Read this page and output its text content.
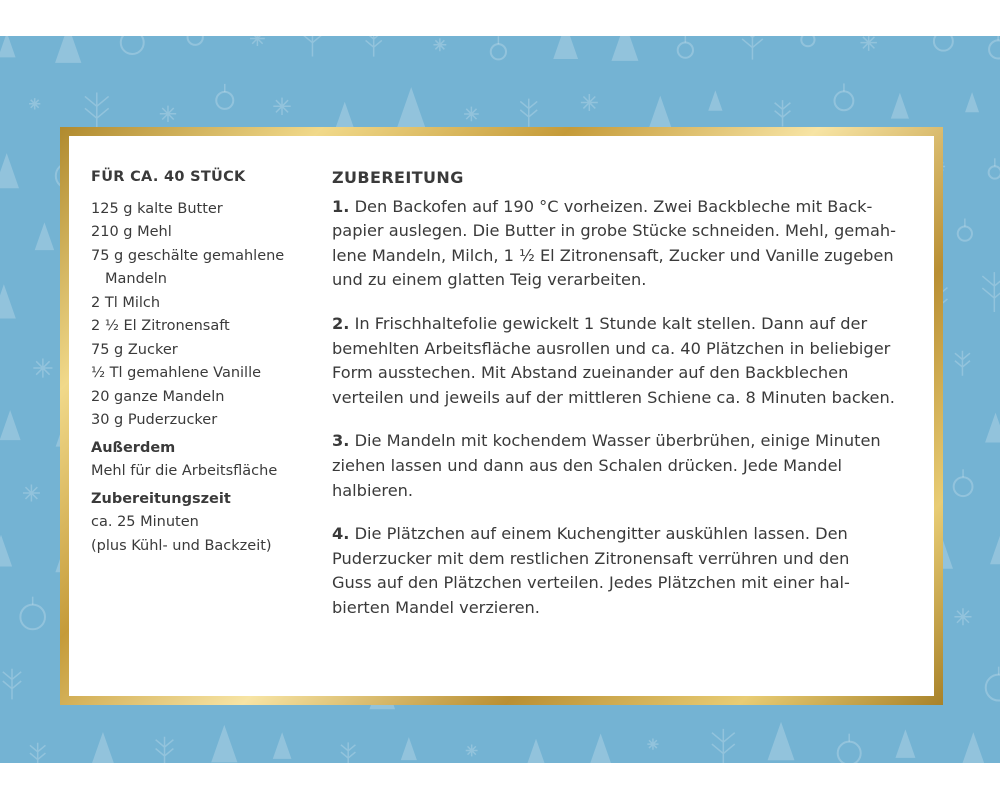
FÜR CA. 40 STÜCK
125 g kalte Butter
210 g Mehl
75 g geschälte gemahlene
Mandeln
2 Tl Milch
2 ½ El Zitronensaft
75 g Zucker
½ Tl gemahlene Vanille
20 ganze Mandeln
30 g Puderzucker
Außerdem
Mehl für die Arbeitsfläche
Zubereitungszeit
ca. 25 Minuten
(plus Kühl- und Backzeit)
ZUBEREITUNG
1. Den Backofen auf 190 °C vorheizen. Zwei Backbleche mit Back-
papier auslegen. Die Butter in grobe Stücke schneiden. Mehl, gemah-
lene Mandeln, Milch, 1 ½ El Zitronensaft, Zucker und Vanille zugeben
und zu einem glatten Teig verarbeiten.
2. In Frischhaltefolie gewickelt 1 Stunde kalt stellen. Dann auf der
bemehlten Arbeitsfläche ausrollen und ca. 40 Plätzchen in beliebiger
Form ausstechen. Mit Abstand zueinander auf den Backblechen
verteilen und jeweils auf der mittleren Schiene ca. 8 Minuten backen.
3. Die Mandeln mit kochendem Wasser überbrühen, einige Minuten
ziehen lassen und dann aus den Schalen drücken. Jede Mandel
halbieren.
4. Die Plätzchen auf einem Kuchengitter auskühlen lassen. Den
Puderzucker mit dem restlichen Zitronensaft verrühren und den
Guss auf den Plätzchen verteilen. Jedes Plätzchen mit einer hal-
bierten Mandel verzieren.
